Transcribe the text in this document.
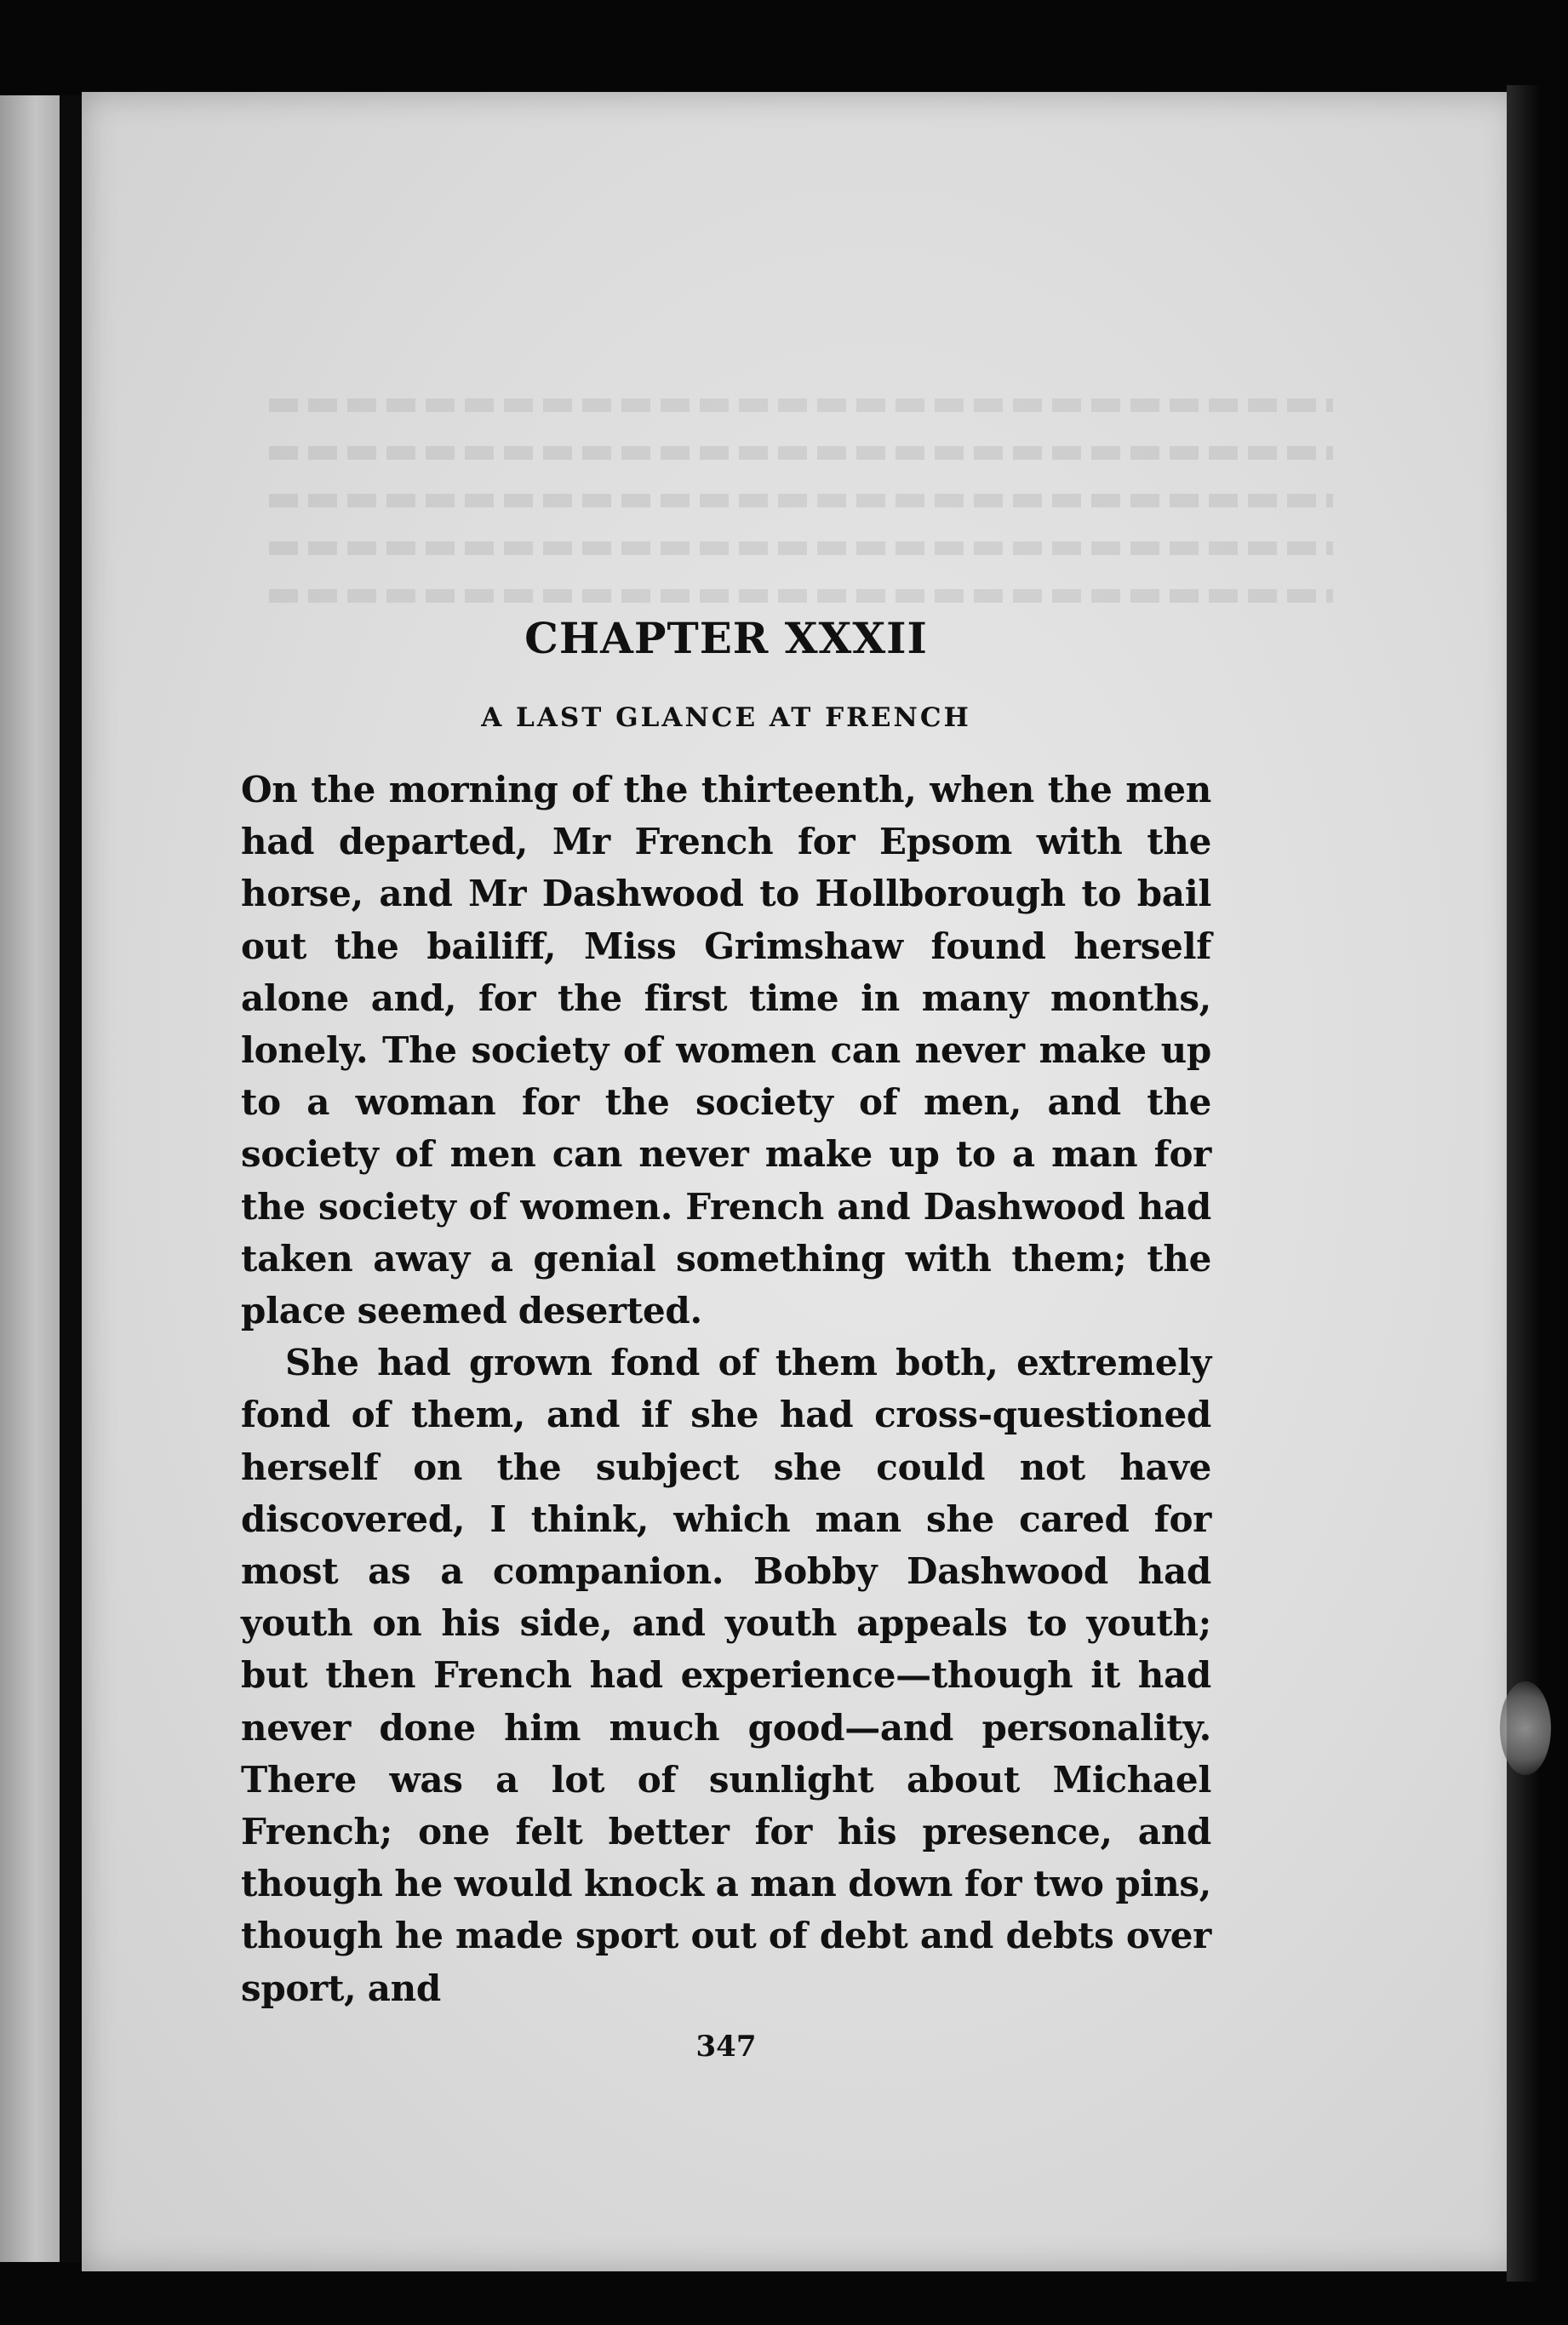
CHAPTER XXXII
A LAST GLANCE AT FRENCH

On the morning of the thirteenth, when the men had departed, Mr French for Epsom with the horse, and Mr Dashwood to Hollborough to bail out the bailiff, Miss Grimshaw found herself alone and, for the first time in many months, lonely. The society of women can never make up to a woman for the society of men, and the society of men can never make up to a man for the society of women. French and Dashwood had taken away a genial something with them; the place seemed deserted.

She had grown fond of them both, extremely fond of them, and if she had cross-questioned herself on the subject she could not have discovered, I think, which man she cared for most as a companion. Bobby Dashwood had youth on his side, and youth appeals to youth; but then French had experience—though it had never done him much good—and personality. There was a lot of sunlight about Michael French; one felt better for his presence, and though he would knock a man down for two pins, though he made sport out of debt and debts over sport, and

347
